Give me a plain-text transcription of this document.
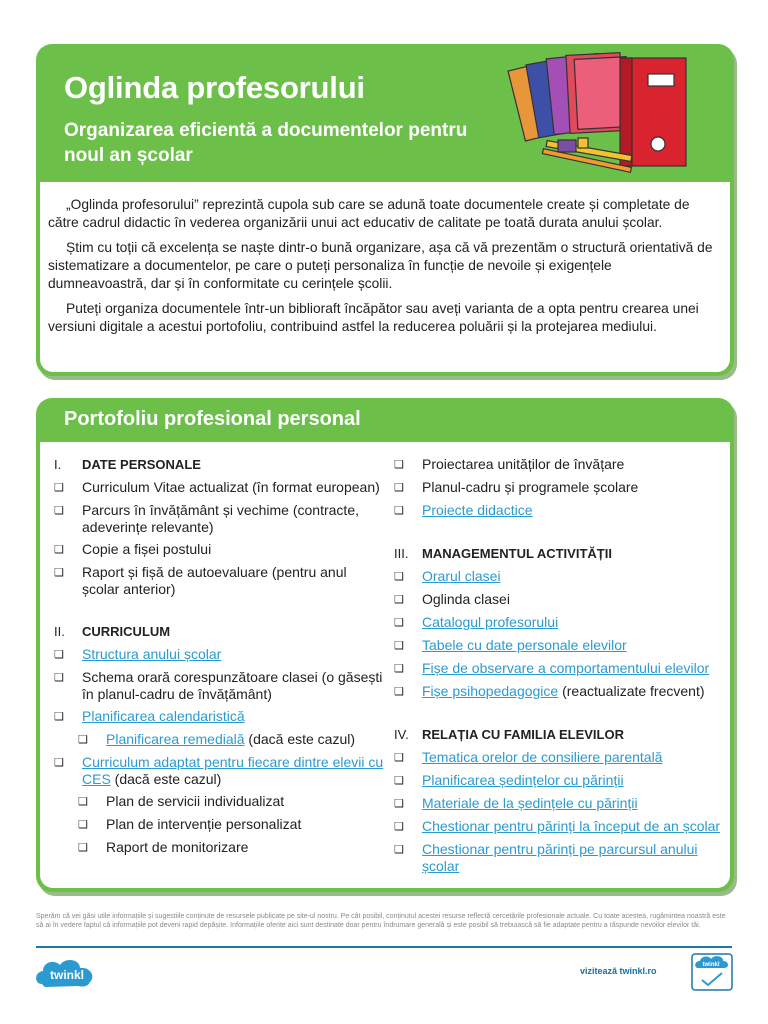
Oglinda profesorului
Organizarea eficientă a documentelor pentru noul an școlar

„Oglinda profesorului” reprezintă cupola sub care se adună toate documentele create și completate de către cadrul didactic în vederea organizării unui act educativ de calitate pe toată durata anului școlar.

Știm cu toții că excelența se naște dintr-o bună organizare, așa că vă prezentăm o structură orientativă de sistematizare a documentelor, pe care o puteți personaliza în funcție de nevoile și exigențele dumneavoastră, dar și în conformitate cu cerințele școlii.

Puteți organiza documentele într-un biblioraft încăpător sau aveți varianta de a opta pentru crearea unei versiuni digitale a acestui portofoliu, contribuind astfel la reducerea poluării și la protejarea mediului.

Portofoliu profesional personal
I.	DATE PERSONALE
❑	Curriculum Vitae actualizat (în format european)
❑	Parcurs în învățământ și vechime (contracte, adeverințe relevante)
❑	Copie a fișei postului
❑	Raport și fișă de autoevaluare (pentru anul școlar anterior)
II.	CURRICULUM
❑	Structura anului școlar
❑	Schema orară corespunzătoare clasei (o găsești în planul-cadru de învățământ)
❑	Planificarea calendaristică
❑	Planificarea remedială (dacă este cazul)
❑	Curriculum adaptat pentru fiecare dintre elevii cu CES (dacă este cazul)
❑	Plan de servicii individualizat
❑	Plan de intervenție personalizat
❑	Raport de monitorizare
❑	Proiectarea unităților de învățare
❑	Planul-cadru și programele școlare
❑	Proiecte didactice
III.	MANAGEMENTUL ACTIVITĂȚII
❑	Orarul clasei
❑	Oglinda clasei
❑	Catalogul profesorului
❑	Tabele cu date personale elevilor
❑	Fișe de observare a comportamentului elevilor
❑	Fișe psihopedagogice (reactualizate frecvent)
IV.	RELAȚIA CU FAMILIA ELEVILOR
❑	Tematica orelor de consiliere parentală
❑	Planificarea ședințelor cu părinții
❑	Materiale de la ședințele cu părinții
❑	Chestionar pentru părinți la început de an școlar
❑	Chestionar pentru părinți pe parcursul anului școlar
Sperăm că vei găsi utile informațiile și sugestiile conținute de resursele publicate pe site-ul nostru. Pe cât posibil, conținutul acestei resurse reflectă cercetările profesionale actuale. Cu toate acestea, rugămintea noastră este să ai în vedere faptul că informațiile pot deveni rapid depășite. Informațiile oferite aici sunt destinate doar pentru îndrumare generală și este posibil să trebuiască să fie adaptate pentru a răspunde nevoilor elevilor tăi.
twinkl	vizitează twinkl.ro
twinkl
